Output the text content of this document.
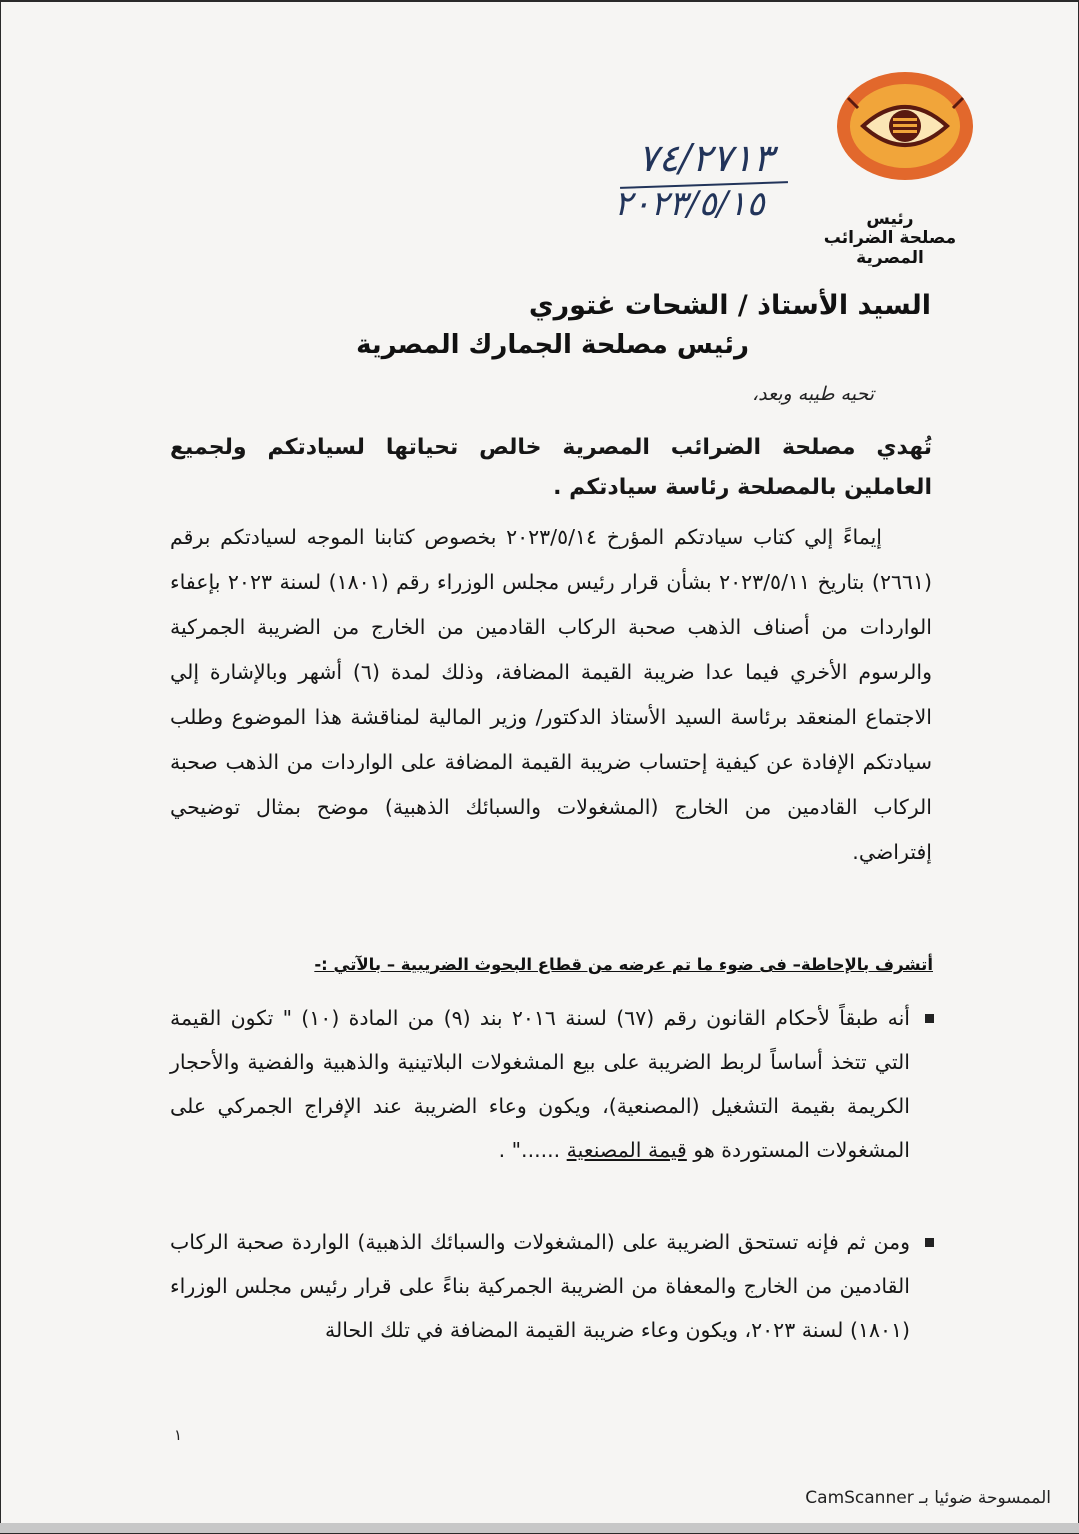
٧٤/٢٧١٣
٢٠٢٣/٥/١٥	رئيس
مصلحة الضرائب المصرية
السيد الأستاذ / الشحات غتوري
رئيس مصلحة الجمارك المصرية
تحيه طيبه وبعد،
تُهدي مصلحة الضرائب المصرية خالص تحياتها لسيادتكم ولجميع العاملين بالمصلحة رئاسة سيادتكم .
إيماءً إلي كتاب سيادتكم المؤرخ ٢٠٢٣/٥/١٤ بخصوص كتابنا الموجه لسيادتكم برقم (٢٦٦١) بتاريخ ٢٠٢٣/٥/١١ بشأن قرار رئيس مجلس الوزراء رقم (١٨٠١) لسنة ٢٠٢٣ بإعفاء الواردات من أصناف الذهب صحبة الركاب القادمين من الخارج من الضريبة الجمركية والرسوم الأخري فيما عدا ضريبة القيمة المضافة، وذلك لمدة (٦) أشهر وبالإشارة إلي الاجتماع المنعقد برئاسة السيد الأستاذ الدكتور/ وزير المالية لمناقشة هذا الموضوع وطلب سيادتكم الإفادة عن كيفية إحتساب ضريبة القيمة المضافة على الواردات من الذهب صحبة الركاب القادمين من الخارج (المشغولات والسبائك الذهبية) موضح بمثال توضيحي إفتراضي.
أتشرف بالإحاطة– فى ضوء ما تم عرضه من قطاع البحوث الضريبية – بالآتي :-
أنه طبقاً لأحكام القانون رقم (٦٧) لسنة ٢٠١٦ بند (٩) من المادة (١٠) " تكون القيمة التي تتخذ أساساً لربط الضريبة على بيع المشغولات البلاتينية والذهبية والفضية والأحجار الكريمة بقيمة التشغيل (المصنعية)، ويكون وعاء الضريبة عند الإفراج الجمركي على المشغولات المستوردة هو قيمة المصنعية ......" .
ومن ثم فإنه تستحق الضريبة على (المشغولات والسبائك الذهبية) الواردة صحبة الركاب القادمين من الخارج والمعفاة من الضريبة الجمركية بناءً على قرار رئيس مجلس الوزراء (١٨٠١) لسنة ٢٠٢٣، ويكون وعاء ضريبة القيمة المضافة في تلك الحالة
١
الممسوحة ضوئيا بـ CamScanner
